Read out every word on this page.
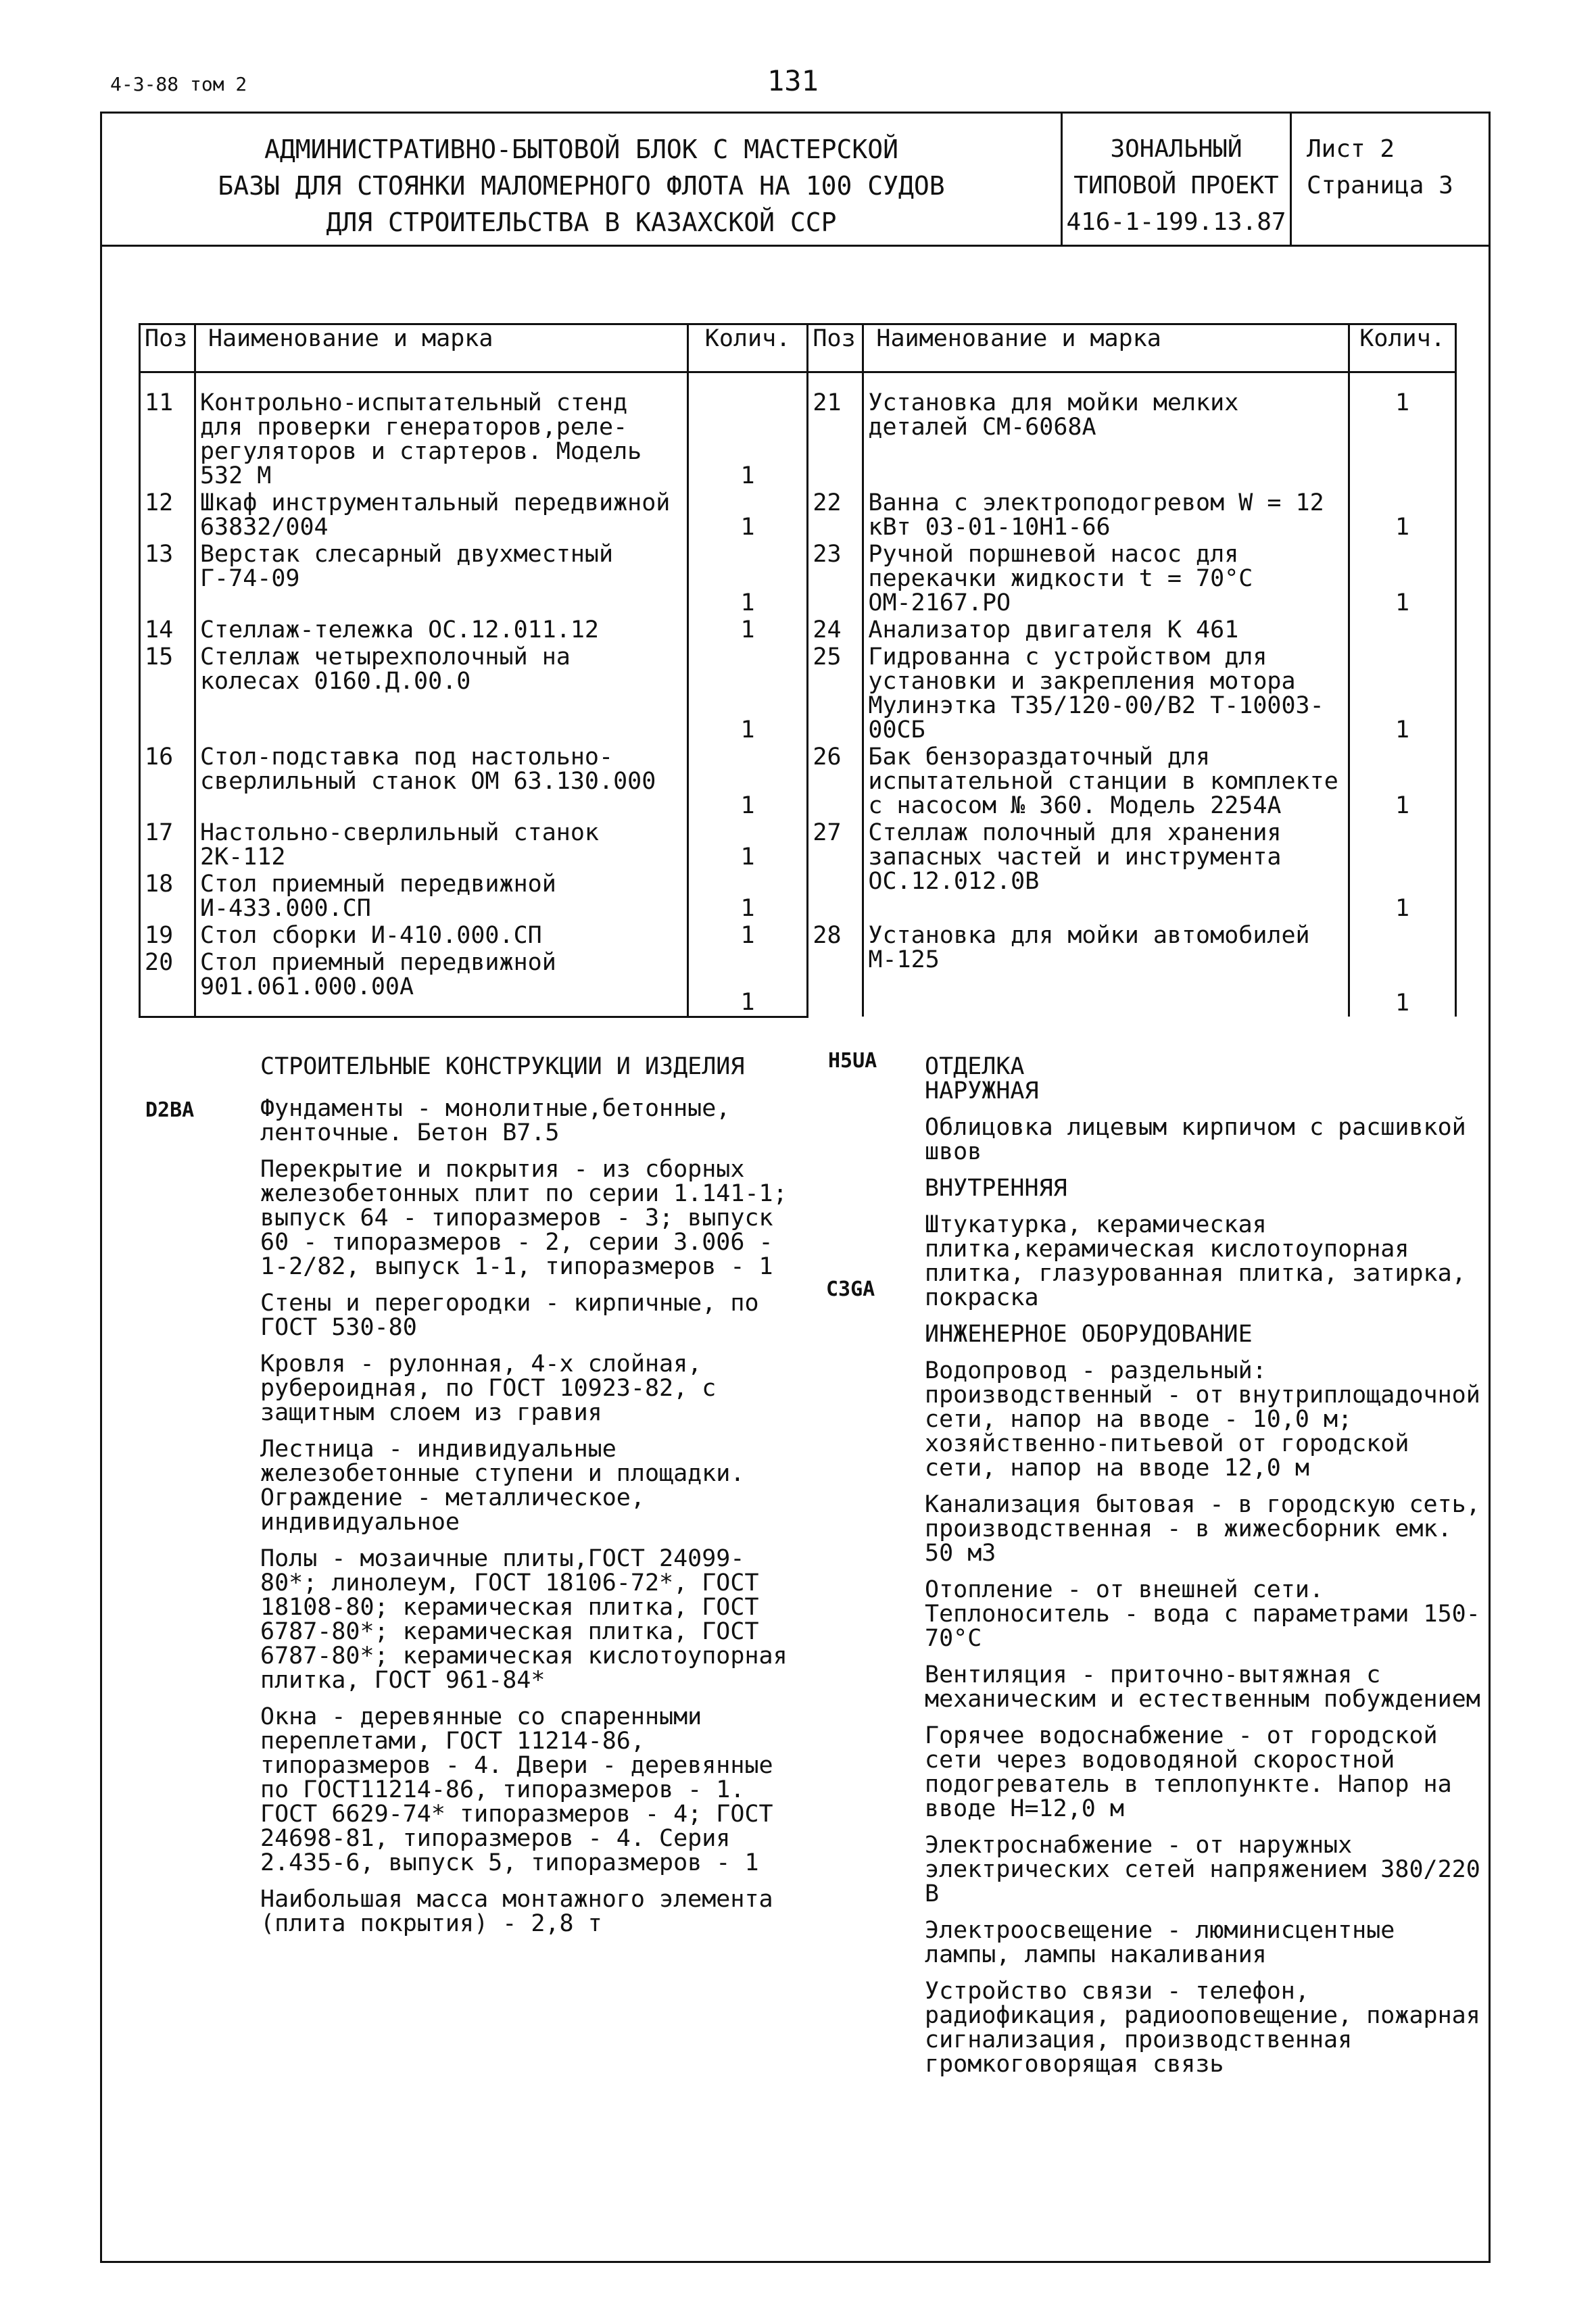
4-3-88 том 2	131
АДМИНИСТРАТИВНО-БЫТОВОЙ БЛОК С МАСТЕРСКОЙ
БАЗЫ ДЛЯ СТОЯНКИ МАЛОМЕРНОГО ФЛОТА НА 100 СУДОВ
ДЛЯ СТРОИТЕЛЬСТВА В КАЗАХСКОЙ ССР
ЗОНАЛЬНЫЙ
ТИПОВОЙ ПРОЕКТ
416-1-199.13.87
Лист 2
Страница 3
Поз	Наименование и марка	Колич.	Поз	Наименование и марка	Колич.
11	Контрольно-испытательный стенд для проверки генераторов,реле-регуляторов и стартеров. Модель 532 М	1	21	Установка для мойки мелких деталей СМ-6068А	1
12	Шкаф инструментальный передвижной 63832/004	1	22	Ванна с электроподогревом W = 12 кВт 03-01-10Н1-66	1
13	Верстак слесарный двухместный Г-74-09	1	23	Ручной поршневой насос для перекачки жидкости t = 70°С ОМ-2167.РО	1
14	Стеллаж-тележка ОС.12.011.12	1	24	Анализатор двигателя К 461	
15	Стеллаж четырехполочный на колесах 0160.Д.00.0	1	25	Гидрованна с устройством для установки и закрепления мотора Мулинэтка Т35/120-00/В2 Т-10003-00СБ	1
16	Стол-подставка под настольно-сверлильный станок ОМ 63.130.000	1	26	Бак бензораздаточный для испытательной станции в комплекте с насосом № 360. Модель 2254А	1
17	Настольно-сверлильный станок 2К-112	1	27	Стеллаж полочный для хранения запасных частей и инструмента ОС.12.012.0В	1
18	Стол приемный передвижной И-433.000.СП	1			
19	Стол сборки И-410.000.СП	1	28	Установка для мойки автомобилей М-125	1
20	Стол приемный передвижной 901.061.000.00А	1			
D2BA
H5UA
C3GA

СТРОИТЕЛЬНЫЕ КОНСТРУКЦИИ И ИЗДЕЛИЯ

Фундаменты - монолитные,бетонные, ленточные. Бетон В7.5

Перекрытие и покрытия - из сборных железобетонных плит по серии 1.141-1; выпуск 64 - типоразмеров - 3; выпуск 60 - типоразмеров - 2, серии 3.006 - 1-2/82, выпуск 1-1, типоразмеров - 1

Стены и перегородки - кирпичные, по ГОСТ 530-80

Кровля - рулонная, 4-х слойная, рубероидная, по ГОСТ 10923-82, с защитным слоем из гравия

Лестница - индивидуальные железобетонные ступени и площадки. Ограждение - металлическое, индивидуальное

Полы - мозаичные плиты,ГОСТ 24099-80*; линолеум, ГОСТ 18106-72*, ГОСТ 18108-80; керамическая плитка, ГОСТ 6787-80*; керамическая плитка, ГОСТ 6787-80*; керамическая кислотоупорная плитка, ГОСТ 961-84*

Окна - деревянные со спаренными переплетами, ГОСТ 11214-86, типоразмеров - 4. Двери - деревянные по ГОСТ11214-86, типоразмеров - 1. ГОСТ 6629-74* типоразмеров - 4; ГОСТ 24698-81, типоразмеров - 4. Серия 2.435-6, выпуск 5, типоразмеров - 1

Наибольшая масса монтажного элемента (плита покрытия) - 2,8 т

ОТДЕЛКА

НАРУЖНАЯ

Облицовка лицевым кирпичом с расшивкой швов

ВНУТРЕННЯЯ

Штукатурка, керамическая плитка,керамическая кислотоупорная плитка, глазурованная плитка, затирка, покраска

ИНЖЕНЕРНОЕ ОБОРУДОВАНИЕ

Водопровод - раздельный: производственный - от внутриплощадочной сети, напор на вводе - 10,0 м; хозяйственно-питьевой от городской сети, напор на вводе 12,0 м

Канализация бытовая - в городскую сеть, производственная - в жижесборник емк. 50 м3

Отопление - от внешней сети. Теплоноситель - вода с параметрами 150-70°С

Вентиляция - приточно-вытяжная с механическим и естественным побуждением

Горячее водоснабжение - от городской сети через водоводяной скоростной подогреватель в теплопункте. Напор на вводе Н=12,0 м

Электроснабжение - от наружных электрических сетей напряжением 380/220 В

Электроосвещение - люминисцентные лампы, лампы накаливания

Устройство связи - телефон, радиофикация, радиооповещение, пожарная сигнализация, производственная громкоговорящая связь
